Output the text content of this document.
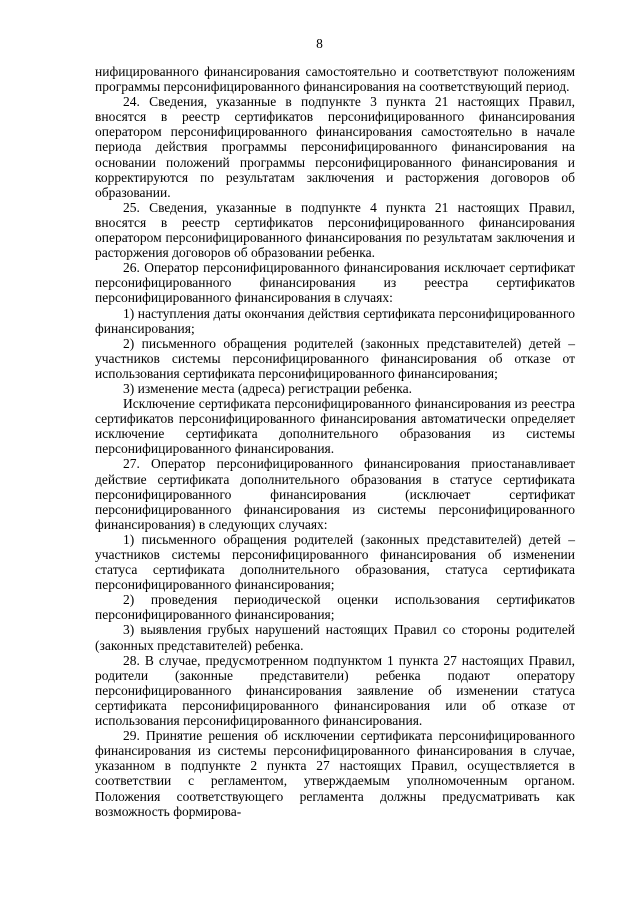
8

нифицированного финансирования самостоятельно и соответствуют положениям программы персонифицированного финансирования на соответствующий период.

24. Сведения, указанные в подпункте 3 пункта 21 настоящих Правил, вносятся в реестр сертификатов персонифицированного финансирования оператором персонифицированного финансирования самостоятельно в начале периода действия программы персонифицированного финансирования на основании положений программы персонифицированного финансирования и корректируются по результатам заключения и расторжения договоров об образовании.

25. Сведения, указанные в подпункте 4 пункта 21 настоящих Правил, вносятся в реестр сертификатов персонифицированного финансирования оператором персонифицированного финансирования по результатам заключения и расторжения договоров об образовании ребенка.

26. Оператор персонифицированного финансирования исключает сертификат персонифицированного финансирования из реестра сертификатов персонифицированного финансирования в случаях:

1) наступления даты окончания действия сертификата персонифицированного финансирования;

2) письменного обращения родителей (законных представителей) детей – участников системы персонифицированного финансирования об отказе от использования сертификата персонифицированного финансирования;

3) изменение места (адреса) регистрации ребенка.

Исключение сертификата персонифицированного финансирования из реестра сертификатов персонифицированного финансирования автоматически определяет исключение сертификата дополнительного образования из системы персонифицированного финансирования.

27. Оператор персонифицированного финансирования приостанавливает действие сертификата дополнительного образования в статусе сертификата персонифицированного финансирования (исключает сертификат персонифицированного финансирования из системы персонифицированного финансирования) в следующих случаях:

1) письменного обращения родителей (законных представителей) детей – участников системы персонифицированного финансирования об изменении статуса сертификата дополнительного образования, статуса сертификата персонифицированного финансирования;

2) проведения периодической оценки использования сертификатов персонифицированного финансирования;

3) выявления грубых нарушений настоящих Правил со стороны родителей (законных представителей) ребенка.

28. В случае, предусмотренном подпунктом 1 пункта 27 настоящих Правил, родители (законные представители) ребенка подают оператору персонифицированного финансирования заявление об изменении статуса сертификата персонифицированного финансирования или об отказе от использования персонифицированного финансирования.

29. Принятие решения об исключении сертификата персонифицированного финансирования из системы персонифицированного финансирования в случае, указанном в подпункте 2 пункта 27 настоящих Правил, осуществляется в соответствии с регламентом, утверждаемым уполномоченным органом. Положения соответствующего регламента должны предусматривать как возможность формирова-
